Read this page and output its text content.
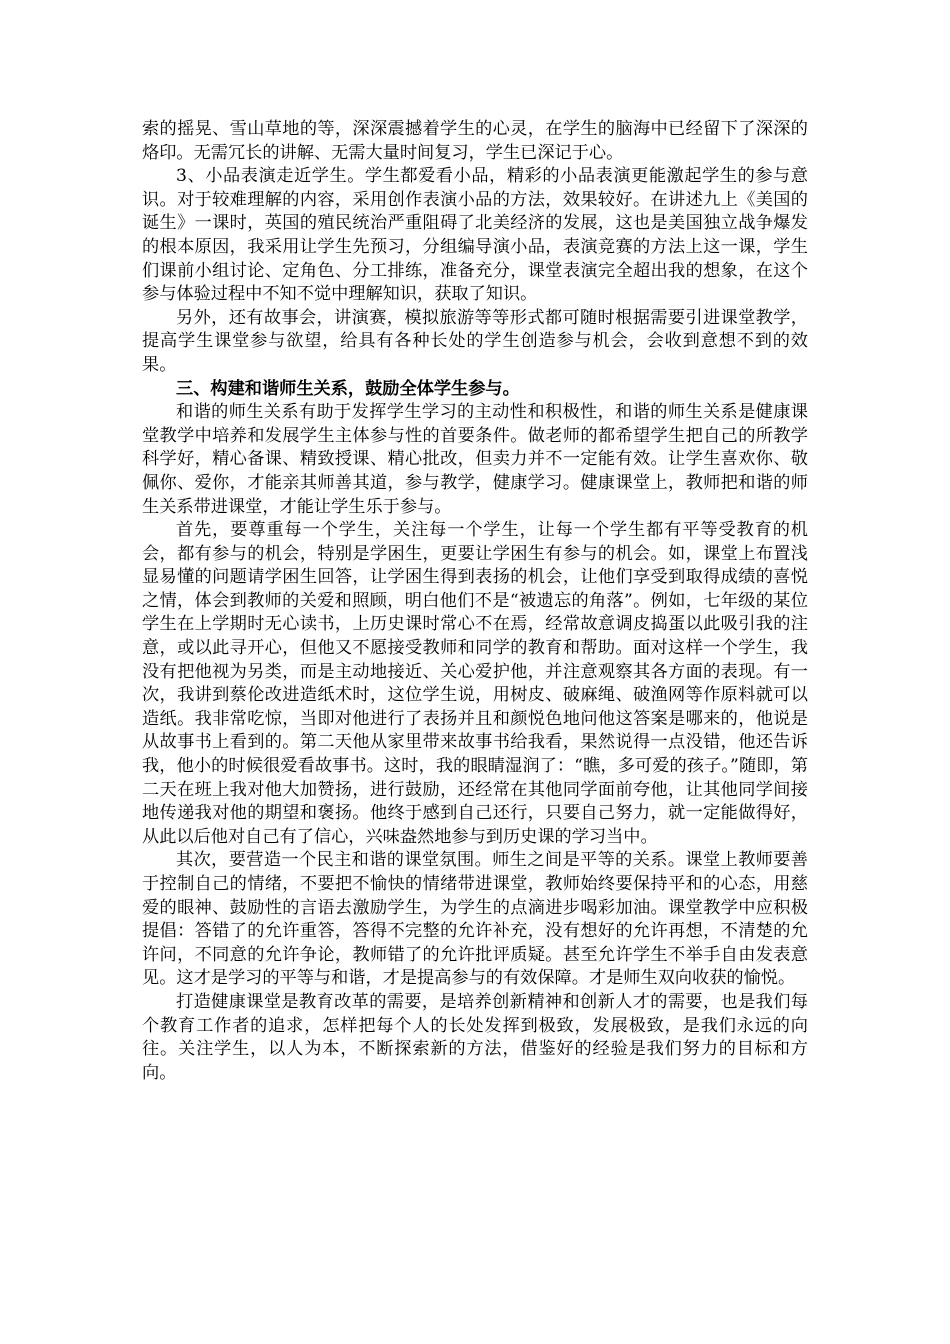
索的摇晃、雪山草地的等，深深震撼着学生的心灵，在学生的脑海中已经留下了深深的烙印。无需冗长的讲解、无需大量时间复习，学生已深记于心。

3、小品表演走近学生。学生都爱看小品，精彩的小品表演更能激起学生的参与意识。对于较难理解的内容，采用创作表演小品的方法，效果较好。在讲述九上《美国的诞生》一课时，英国的殖民统治严重阻碍了北美经济的发展，这也是美国独立战争爆发的根本原因，我采用让学生先预习，分组编导演小品，表演竞赛的方法上这一课，学生们课前小组讨论、定角色、分工排练，准备充分，课堂表演完全超出我的想象，在这个参与体验过程中不知不觉中理解知识，获取了知识。

另外，还有故事会，讲演赛，模拟旅游等等形式都可随时根据需要引进课堂教学，提高学生课堂参与欲望，给具有各种长处的学生创造参与机会，会收到意想不到的效果。

三、构建和谐师生关系，鼓励全体学生参与。

和谐的师生关系有助于发挥学生学习的主动性和积极性，和谐的师生关系是健康课堂教学中培养和发展学生主体参与性的首要条件。做老师的都希望学生把自己的所教学科学好，精心备课、精致授课、精心批改，但卖力并不一定能有效。让学生喜欢你、敬佩你、爱你，才能亲其师善其道，参与教学，健康学习。健康课堂上，教师把和谐的师生关系带进课堂，才能让学生乐于参与。

首先，要尊重每一个学生，关注每一个学生，让每一个学生都有平等受教育的机会，都有参与的机会，特别是学困生，更要让学困生有参与的机会。如，课堂上布置浅显易懂的问题请学困生回答，让学困生得到表扬的机会，让他们享受到取得成绩的喜悦之情，体会到教师的关爱和照顾，明白他们不是“被遗忘的角落”。例如，七年级的某位学生在上学期时无心读书，上历史课时常心不在焉，经常故意调皮捣蛋以此吸引我的注意，或以此寻开心，但他又不愿接受教师和同学的教育和帮助。面对这样一个学生，我没有把他视为另类，而是主动地接近、关心爱护他，并注意观察其各方面的表现。有一次，我讲到蔡伦改进造纸术时，这位学生说，用树皮、破麻绳、破渔网等作原料就可以造纸。我非常吃惊，当即对他进行了表扬并且和颜悦色地问他这答案是哪来的，他说是从故事书上看到的。第二天他从家里带来故事书给我看，果然说得一点没错，他还告诉我，他小的时候很爱看故事书。这时，我的眼睛湿润了：“瞧，多可爱的孩子。”随即，第二天在班上我对他大加赞扬，进行鼓励，还经常在其他同学面前夸他，让其他同学间接地传递我对他的期望和褒扬。他终于感到自己还行，只要自己努力，就一定能做得好，从此以后他对自己有了信心，兴味盎然地参与到历史课的学习当中。

其次，要营造一个民主和谐的课堂氛围。师生之间是平等的关系。课堂上教师要善于控制自己的情绪，不要把不愉快的情绪带进课堂，教师始终要保持平和的心态，用慈爱的眼神、鼓励性的言语去激励学生，为学生的点滴进步喝彩加油。课堂教学中应积极提倡：答错了的允许重答，答得不完整的允许补充，没有想好的允许再想，不清楚的允许问，不同意的允许争论，教师错了的允许批评质疑。甚至允许学生不举手自由发表意见。这才是学习的平等与和谐，才是提高参与的有效保障。才是师生双向收获的愉悦。

打造健康课堂是教育改革的需要，是培养创新精神和创新人才的需要，也是我们每个教育工作者的追求，怎样把每个人的长处发挥到极致，发展极致，是我们永远的向往。关注学生，以人为本，不断探索新的方法，借鉴好的经验是我们努力的目标和方向。
